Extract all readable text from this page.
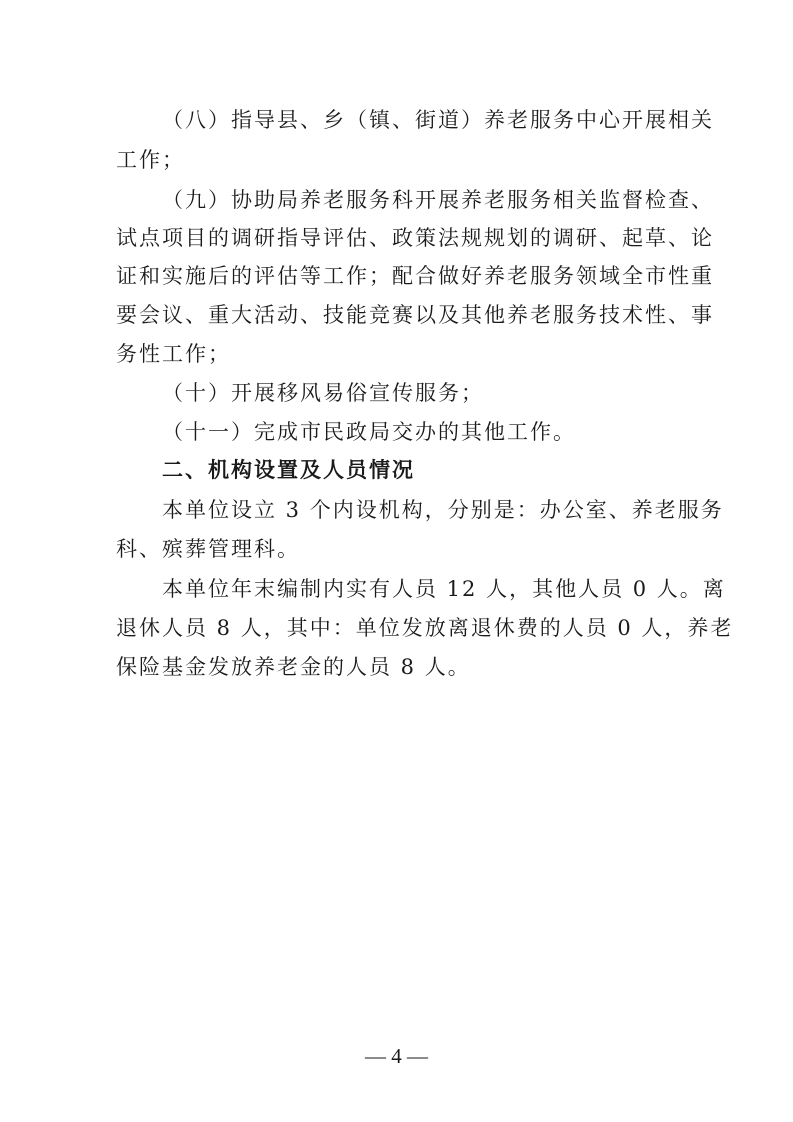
（八）指导县、乡（镇、街道）养老服务中心开展相关
工作；
（九）协助局养老服务科开展养老服务相关监督检查、
试点项目的调研指导评估、政策法规规划的调研、起草、论
证和实施后的评估等工作；配合做好养老服务领域全市性重
要会议、重大活动、技能竞赛以及其他养老服务技术性、事
务性工作；
（十）开展移风易俗宣传服务；
（十一）完成市民政局交办的其他工作。
二、机构设置及人员情况
本单位设立 3 个内设机构，分别是：办公室、养老服务
科、殡葬管理科。
本单位年末编制内实有人员 12 人，其他人员 0 人。离
退休人员 8 人，其中：单位发放离退休费的人员 0 人，养老
保险基金发放养老金的人员 8 人。
— 4 —
